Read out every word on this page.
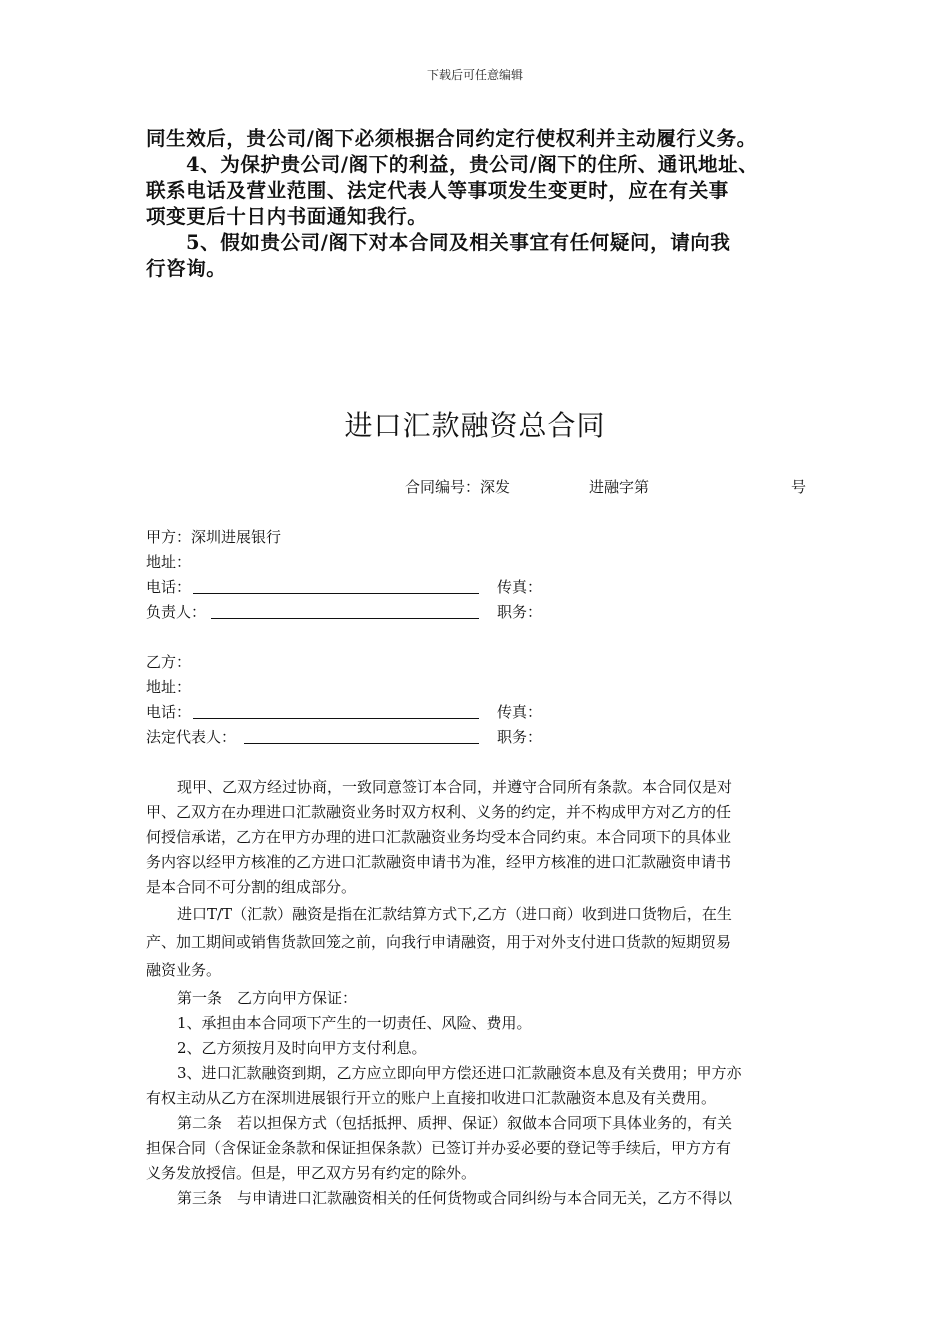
下载后可任意编辑
同生效后，贵公司/阁下必须根据合同约定行使权利并主动履行义务。
4、为保护贵公司/阁下的利益，贵公司/阁下的住所、通讯地址、
联系电话及营业范围、法定代表人等事项发生变更时，应在有关事
项变更后十日内书面通知我行。
5、假如贵公司/阁下对本合同及相关事宜有任何疑问，请向我
行咨询。
进口汇款融资总合同
合同编号：深发	进融字第	号
甲方：深圳进展银行
地址：
电话：	传真：
负责人：	职务：
乙方：
地址：
电话：	传真：
法定代表人：	职务：
现甲、乙双方经过协商，一致同意签订本合同，并遵守合同所有条款。本合同仅是对
甲、乙双方在办理进口汇款融资业务时双方权利、义务的约定，并不构成甲方对乙方的任
何授信承诺，乙方在甲方办理的进口汇款融资业务均受本合同约束。本合同项下的具体业
务内容以经甲方核准的乙方进口汇款融资申请书为准，经甲方核准的进口汇款融资申请书
是本合同不可分割的组成部分。
进口T/T（汇款）融资是指在汇款结算方式下,乙方（进口商）收到进口货物后，在生
产、加工期间或销售货款回笼之前，向我行申请融资，用于对外支付进口货款的短期贸易
融资业务。
第一条　乙方向甲方保证：
1、承担由本合同项下产生的一切责任、风险、费用。
2、乙方须按月及时向甲方支付利息。
3、进口汇款融资到期，乙方应立即向甲方偿还进口汇款融资本息及有关费用；甲方亦
有权主动从乙方在深圳进展银行开立的账户上直接扣收进口汇款融资本息及有关费用。
第二条　若以担保方式（包括抵押、质押、保证）叙做本合同项下具体业务的，有关
担保合同（含保证金条款和保证担保条款）已签订并办妥必要的登记等手续后，甲方方有
义务发放授信。但是，甲乙双方另有约定的除外。
第三条　与申请进口汇款融资相关的任何货物或合同纠纷与本合同无关，乙方不得以
